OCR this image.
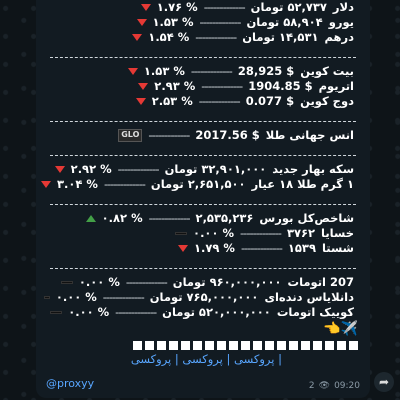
دلار
۵۲,۷۳۷ تومان
-------------
% ۱.۷۶
یورو
۵۸,۹۰۴ تومان
-------------
% ۱.۵۳
درهم
۱۴,۵۳۱ تومان
-------------
% ۱.۵۴
بیت کوین
$ 28,925
-------------
% ۱.۵۳
اتریوم
$ 1904.85
-------------
% ۲.۹۳
دوج کوین
$ 0.077
-------------
% ۲.۵۳
انس جهانی طلا
$ 2017.56
-------------
GLO
سکه بهار جدید
۳۲,۹۰۱,۰۰۰ تومان
-------------
% ۲.۹۲
۱ گرم طلا ۱۸ عیار
۲,۶۵۱,۵۰۰ تومان
-------------
% ۳.۰۴
شاخص‌کل بورس
۲,۵۳۵,۲۳۶
-------------
% ۰.۸۲
خسایا
۳۷۶۲
-------------
% ۰.۰۰
شستا
۱۵۳۹
-------------
% ۱.۷۹
207 اتومات
۹۶۰,۰۰۰,۰۰۰ تومان
-------------
% ۰.۰۰
دانلایاس دنده‌ای
۷۶۵,۰۰۰,۰۰۰ تومان
-------------
% ۰.۰۰
کوییک اتومات
۵۲۰,۰۰۰,۰۰۰ تومان
-------------
% ۰.۰۰
✈️👈
| پروکسی | پروکسی | پروکسی
@proxyy	2 👁 09:20 ➦
